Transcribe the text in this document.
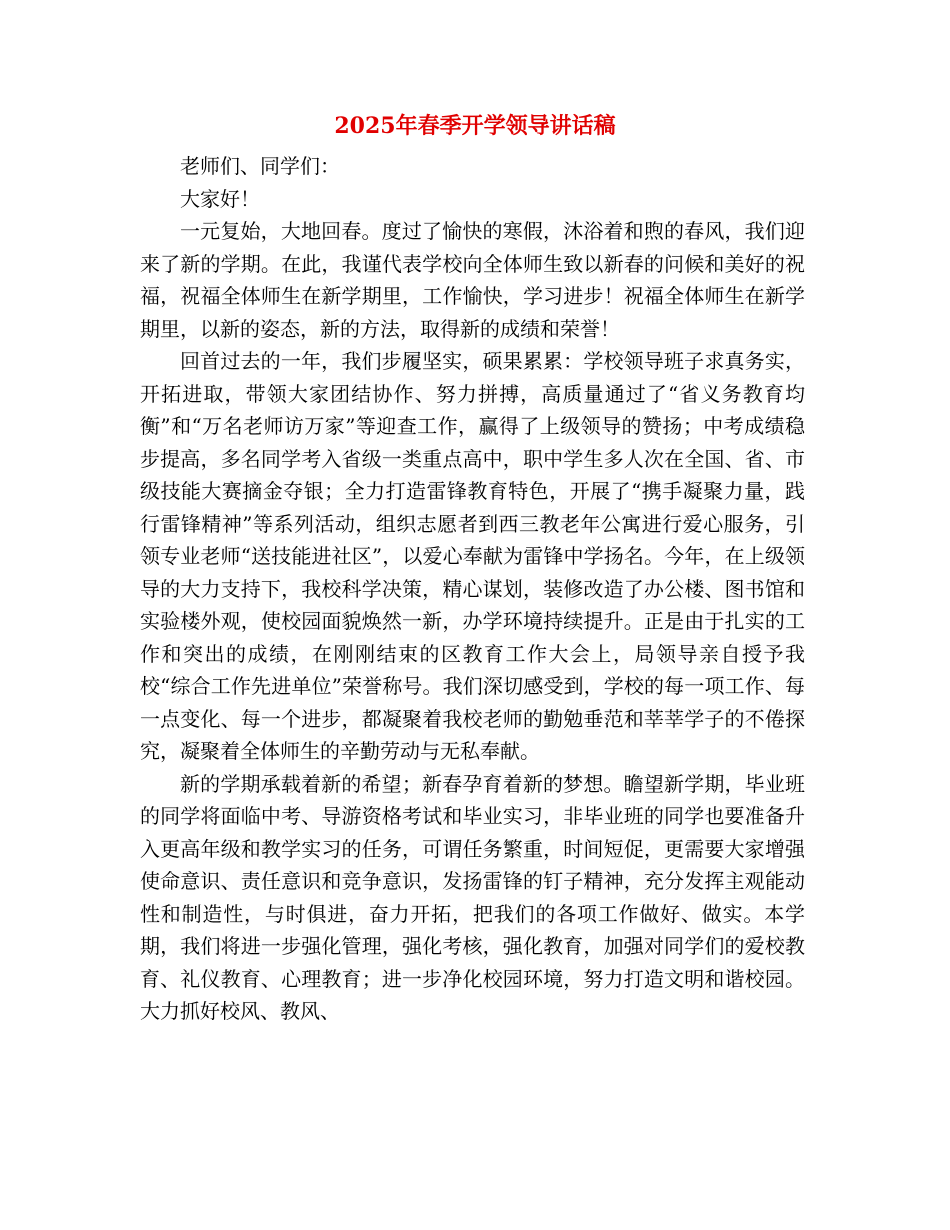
2025年春季开学领导讲话稿

老师们、同学们：

大家好！

一元复始，大地回春。度过了愉快的寒假，沐浴着和煦的春风，我们迎来了新的学期。在此，我谨代表学校向全体师生致以新春的问候和美好的祝福，祝福全体师生在新学期里，工作愉快，学习进步！祝福全体师生在新学期里，以新的姿态，新的方法，取得新的成绩和荣誉！

回首过去的一年，我们步履坚实，硕果累累：学校领导班子求真务实，开拓进取，带领大家团结协作、努力拼搏，高质量通过了“省义务教育均衡”和“万名老师访万家”等迎查工作，赢得了上级领导的赞扬；中考成绩稳步提高，多名同学考入省级一类重点高中，职中学生多人次在全国、省、市级技能大赛摘金夺银；全力打造雷锋教育特色，开展了“携手凝聚力量，践行雷锋精神”等系列活动，组织志愿者到西三教老年公寓进行爱心服务，引领专业老师“送技能进社区”，以爱心奉献为雷锋中学扬名。今年，在上级领导的大力支持下，我校科学决策，精心谋划，装修改造了办公楼、图书馆和实验楼外观，使校园面貌焕然一新，办学环境持续提升。正是由于扎实的工作和突出的成绩，在刚刚结束的区教育工作大会上，局领导亲自授予我校“综合工作先进单位”荣誉称号。我们深切感受到，学校的每一项工作、每一点变化、每一个进步，都凝聚着我校老师的勤勉垂范和莘莘学子的不倦探究，凝聚着全体师生的辛勤劳动与无私奉献。

新的学期承载着新的希望；新春孕育着新的梦想。瞻望新学期，毕业班的同学将面临中考、导游资格考试和毕业实习，非毕业班的同学也要准备升入更高年级和教学实习的任务，可谓任务繁重，时间短促，更需要大家增强使命意识、责任意识和竞争意识，发扬雷锋的钉子精神，充分发挥主观能动性和制造性，与时俱进，奋力开拓，把我们的各项工作做好、做实。本学期，我们将进一步强化管理，强化考核，强化教育，加强对同学们的爱校教育、礼仪教育、心理教育；进一步净化校园环境，努力打造文明和谐校园。大力抓好校风、教风、
